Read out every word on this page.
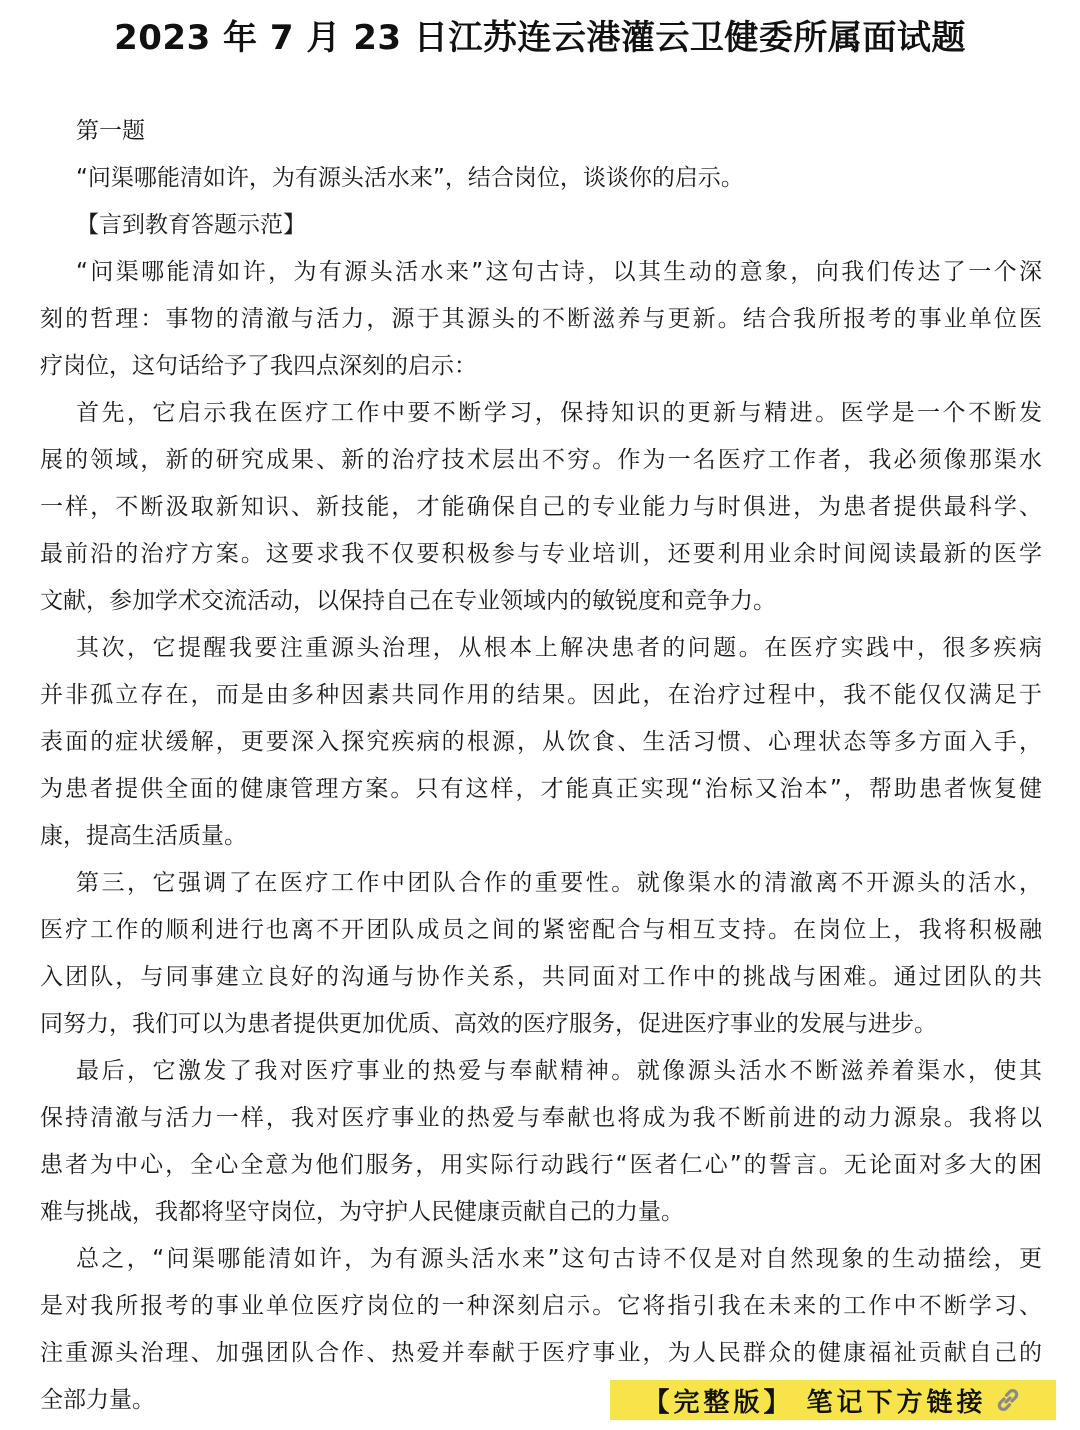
2023 年 7 月 23 日江苏连云港灌云卫健委所属面试题
第一题
“问渠哪能清如许，为有源头活水来”，结合岗位，谈谈你的启示。
【言到教育答题示范】
“问渠哪能清如许，为有源头活水来”这句古诗，以其生动的意象，向我们传达了一个深
刻的哲理：事物的清澈与活力，源于其源头的不断滋养与更新。结合我所报考的事业单位医
疗岗位，这句话给予了我四点深刻的启示：
首先，它启示我在医疗工作中要不断学习，保持知识的更新与精进。医学是一个不断发
展的领域，新的研究成果、新的治疗技术层出不穷。作为一名医疗工作者，我必须像那渠水
一样，不断汲取新知识、新技能，才能确保自己的专业能力与时俱进，为患者提供最科学、
最前沿的治疗方案。这要求我不仅要积极参与专业培训，还要利用业余时间阅读最新的医学
文献，参加学术交流活动，以保持自己在专业领域内的敏锐度和竞争力。
其次，它提醒我要注重源头治理，从根本上解决患者的问题。在医疗实践中，很多疾病
并非孤立存在，而是由多种因素共同作用的结果。因此，在治疗过程中，我不能仅仅满足于
表面的症状缓解，更要深入探究疾病的根源，从饮食、生活习惯、心理状态等多方面入手，
为患者提供全面的健康管理方案。只有这样，才能真正实现“治标又治本”，帮助患者恢复健
康，提高生活质量。
第三，它强调了在医疗工作中团队合作的重要性。就像渠水的清澈离不开源头的活水，
医疗工作的顺利进行也离不开团队成员之间的紧密配合与相互支持。在岗位上，我将积极融
入团队，与同事建立良好的沟通与协作关系，共同面对工作中的挑战与困难。通过团队的共
同努力，我们可以为患者提供更加优质、高效的医疗服务，促进医疗事业的发展与进步。
最后，它激发了我对医疗事业的热爱与奉献精神。就像源头活水不断滋养着渠水，使其
保持清澈与活力一样，我对医疗事业的热爱与奉献也将成为我不断前进的动力源泉。我将以
患者为中心，全心全意为他们服务，用实际行动践行“医者仁心”的誓言。无论面对多大的困
难与挑战，我都将坚守岗位，为守护人民健康贡献自己的力量。
总之，“问渠哪能清如许，为有源头活水来”这句古诗不仅是对自然现象的生动描绘，更
是对我所报考的事业单位医疗岗位的一种深刻启示。它将指引我在未来的工作中不断学习、
注重源头治理、加强团队合作、热爱并奉献于医疗事业，为人民群众的健康福祉贡献自己的
全部力量。	【完整版】 笔记下方链接
